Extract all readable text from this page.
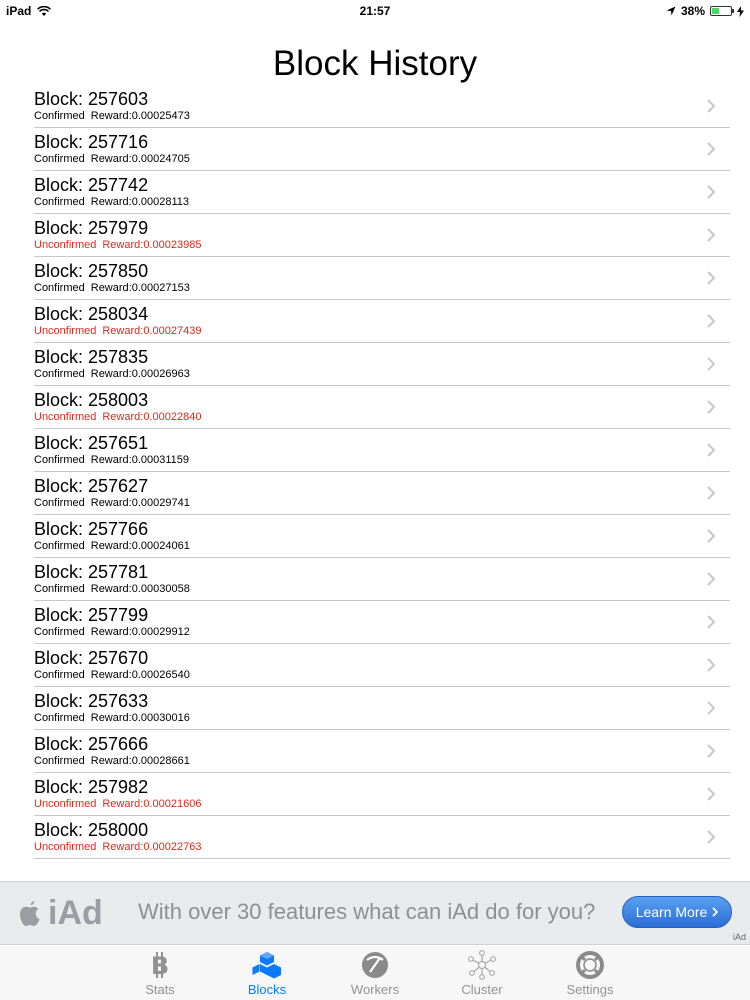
iPad	21:57	38%
Block History
Block: 257603
Confirmed Reward:0.00025473
Block: 257716
Confirmed Reward:0.00024705
Block: 257742
Confirmed Reward:0.00028113
Block: 257979
Unconfirmed Reward:0.00023985
Block: 257850
Confirmed Reward:0.00027153
Block: 258034
Unconfirmed Reward:0.00027439
Block: 257835
Confirmed Reward:0.00026963
Block: 258003
Unconfirmed Reward:0.00022840
Block: 257651
Confirmed Reward:0.00031159
Block: 257627
Confirmed Reward:0.00029741
Block: 257766
Confirmed Reward:0.00024061
Block: 257781
Confirmed Reward:0.00030058
Block: 257799
Confirmed Reward:0.00029912
Block: 257670
Confirmed Reward:0.00026540
Block: 257633
Confirmed Reward:0.00030016
Block: 257666
Confirmed Reward:0.00028661
Block: 257982
Unconfirmed Reward:0.00021606
Block: 258000
Unconfirmed Reward:0.00022763
iAd With over 30 features what can iAd do for you?	Learn More
iAd
B
Stats	Blocks	Workers	Cluster	Settings
